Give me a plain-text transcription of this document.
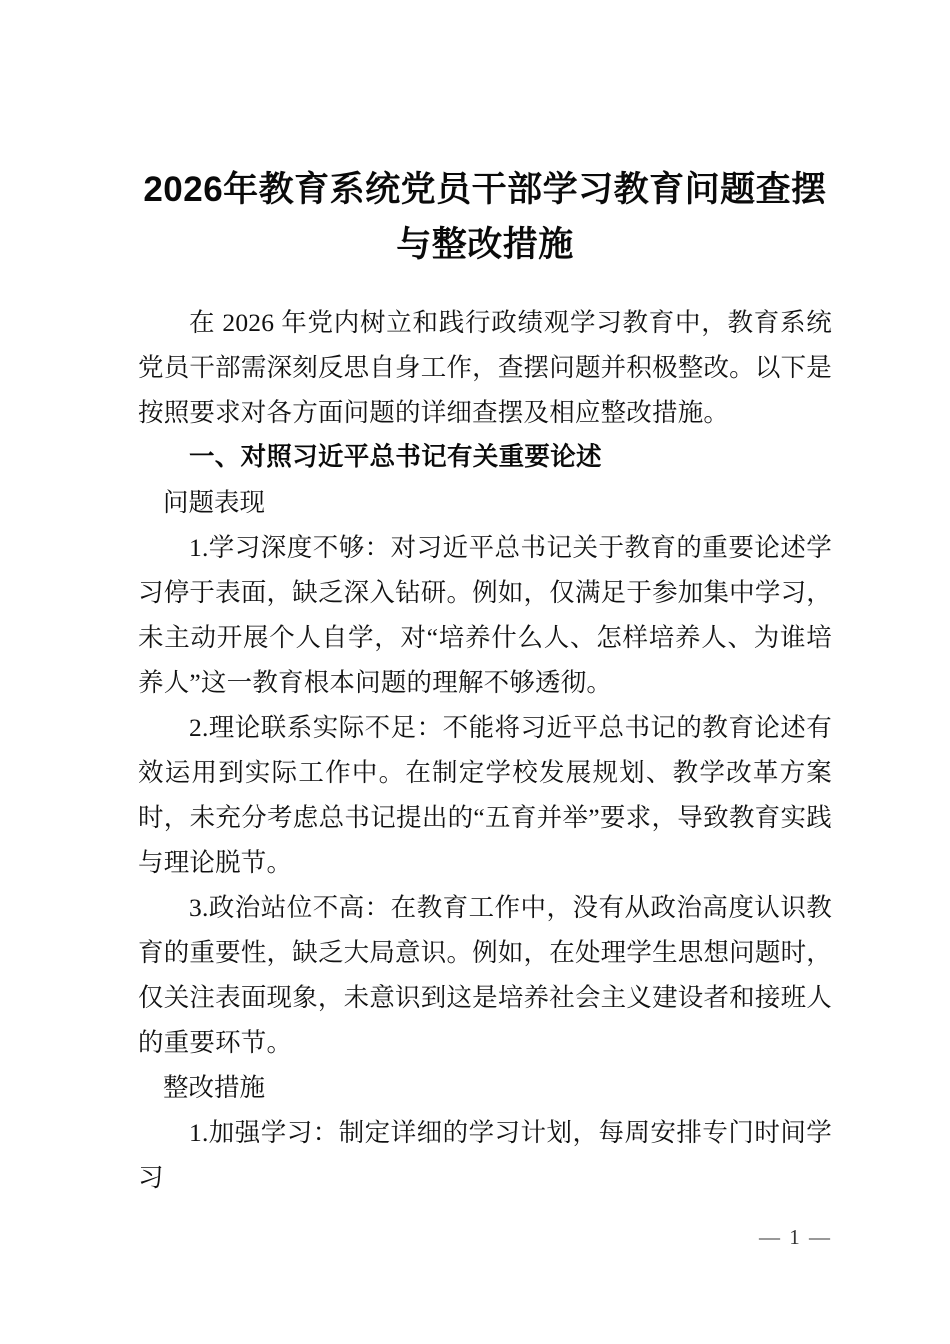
2026年教育系统党员干部学习教育问题查摆
与整改措施

在 2026 年党内树立和践行政绩观学习教育中，教育系统党员干部需深刻反思自身工作，查摆问题并积极整改。以下是按照要求对各方面问题的详细查摆及相应整改措施。

一、对照习近平总书记有关重要论述

问题表现

1.学习深度不够：对习近平总书记关于教育的重要论述学习停于表面，缺乏深入钻研。例如，仅满足于参加集中学习，未主动开展个人自学，对“培养什么人、怎样培养人、为谁培养人”这一教育根本问题的理解不够透彻。

2.理论联系实际不足：不能将习近平总书记的教育论述有效运用到实际工作中。在制定学校发展规划、教学改革方案时，未充分考虑总书记提出的“五育并举”要求，导致教育实践与理论脱节。

3.政治站位不高：在教育工作中，没有从政治高度认识教育的重要性，缺乏大局意识。例如，在处理学生思想问题时，仅关注表面现象，未意识到这是培养社会主义建设者和接班人的重要环节。

整改措施

1.加强学习：制定详细的学习计划，每周安排专门时间学习

— 1 —
